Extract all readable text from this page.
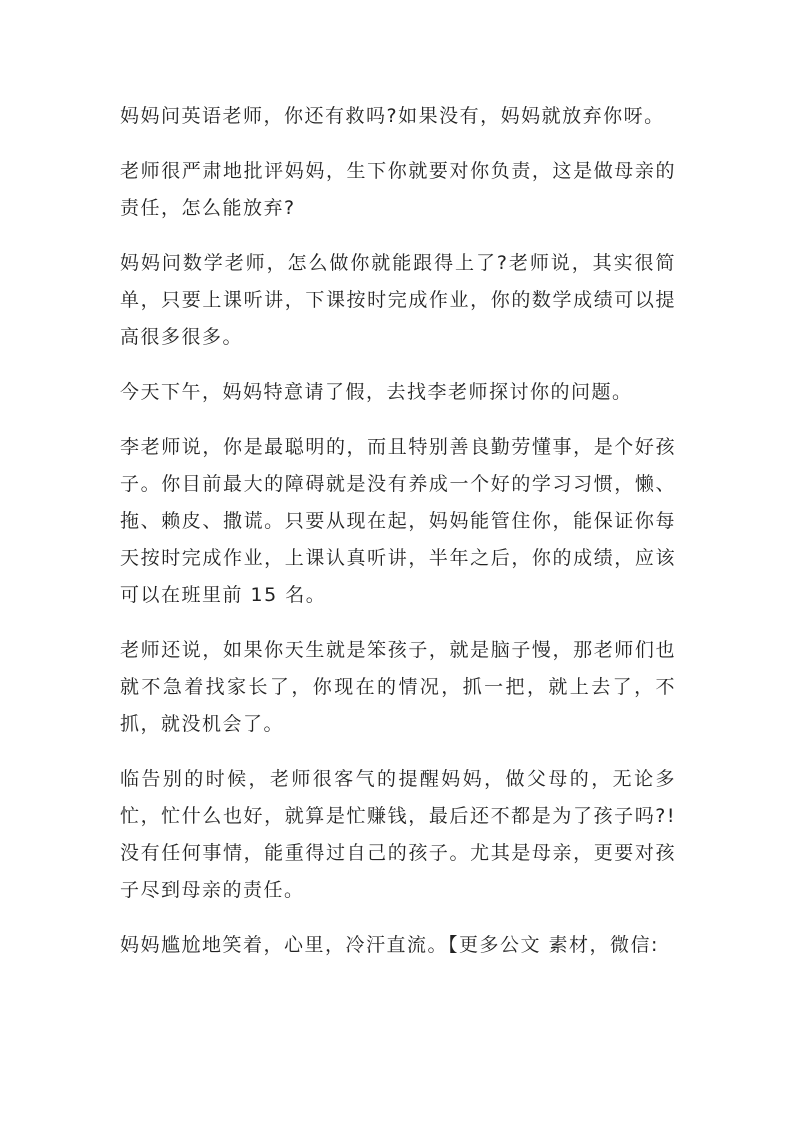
妈妈问英语老师，你还有救吗?如果没有，妈妈就放弃你呀。

老师很严肃地批评妈妈，生下你就要对你负责，这是做母亲的责任，怎么能放弃?

妈妈问数学老师，怎么做你就能跟得上了?老师说，其实很简单，只要上课听讲，下课按时完成作业，你的数学成绩可以提高很多很多。

今天下午，妈妈特意请了假，去找李老师探讨你的问题。

李老师说，你是最聪明的，而且特别善良勤劳懂事，是个好孩子。你目前最大的障碍就是没有养成一个好的学习习惯，懒、拖、赖皮、撒谎。只要从现在起，妈妈能管住你，能保证你每天按时完成作业，上课认真听讲，半年之后，你的成绩，应该可以在班里前 15 名。

老师还说，如果你天生就是笨孩子，就是脑子慢，那老师们也就不急着找家长了，你现在的情况，抓一把，就上去了，不抓，就没机会了。

临告别的时候，老师很客气的提醒妈妈，做父母的，无论多忙，忙什么也好，就算是忙赚钱，最后还不都是为了孩子吗?!没有任何事情，能重得过自己的孩子。尤其是母亲，更要对孩子尽到母亲的责任。

妈妈尴尬地笑着，心里，冷汗直流。【更多公文 素材，微信:
